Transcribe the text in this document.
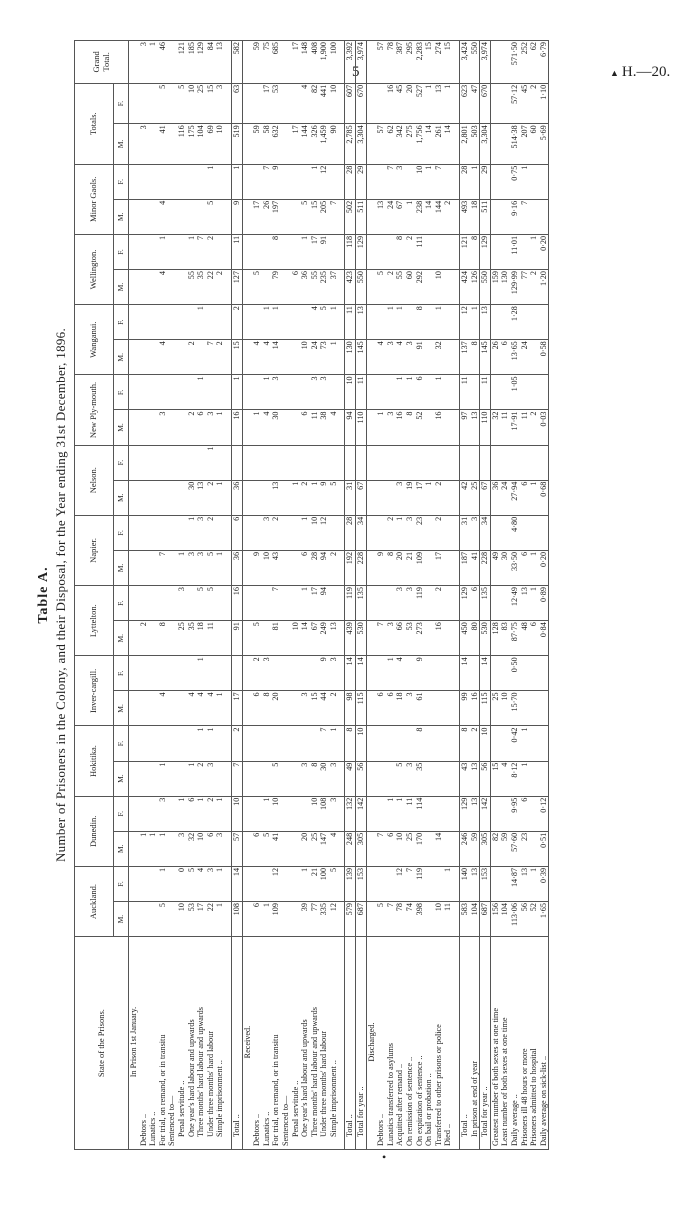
5	▲ H.—20.
•
Table A. Number of Prisoners in the Colony, and their Disposal, for the Year ending 31st December, 1896.
State of the Prisons.	Auckland.		Dunedin.		Hokitika.		Inver-cargill.		Lyttelton.		Napier.		Nelson.		New Ply-mouth.		Wanganui.		Wellington.		Minor Gaols.		Totals.		Grand Total.
	M.	F.	M.	F.	M.	F.	M.	F.	M.	F.	M.	F.	M.	F.	M.	F.	M.	F.	M.	F.	M.	F.	M.	F.	
In Prison 1st January.																									
Debtors ..			1						2														3		3
Lunatics ..			1																						1
For trial, on remand, or in transitu	5	1	1	3	1		4		8		7				3		4		4	1	4		41	5	46
Sentenced to—																									
Penal servitude ..	10	0	3	1					25	3	1												116	5	121
One year's hard labour and upwards	53	5	32	6	1		4		35		3	1	30		2		2		55	1			175	10	185
Three months' hard labour and upwards	17	4	10	1	2	1	4	1	18	5	3	3	13		6	1		1	35	7			104	25	129
Under three months' hard labour	22	3	6	2	3	1	4		11	5	5	2	2	1	3		7		22	2	5	1	69	15	84
Simple imprisonment ..	1	1	3	1			1				1		1		1		2		2				10	3	13

Total ..	108	14	57	10	7	2	17		91	16	36	6	36		16	1	15	2	127	11	9	1	519	63	582
Received.																									
Debtors ..	6		6				6	2	5		9				1		4		5		17		59		59
Lunatics ..	1		5	1			8	3			10	3			4	1	4	1			26	7	58	17	75
For trial, on remand, or in transitu	109	12	41	10	5		20		81	7	43	2	13		30	3	14	1	79	8	197	9	632	53	685
Sentenced to—																									
Penal servitude ..									10				1						6				17		17
One year's hard labour and upwards	39	1	20		3		3		14	1	6	1	2		6		10		36	1	5		144	4	148
Three months' hard labour and upwards	77	21	25	10	8		15		67	17	28	10	1		11	3	24	4	55	17	15	1	326	82	408
Under three months' hard labour	335	100	147	108	30	7	44	9	249	94	94	12	9		38	3	73	5	235	91	205	12	1,459	441	1,900
Simple imprisonment ..	12	5	4	3	3	1	2	3	13		2		5		4		1	1	37		7		90	10	100

Total ..	579	139	248	132	49	8	98	14	439	119	192	28	31		94	10	130	11	423	118	502	28	2,785	607	3,392
Total for year ..	687	153	305	142	56	10	115	14	530	135	228	34	67		110	11	145	13	550	129	511	29	3,304	670	3,974
Discharged.																									
Debtors ..	5		7				6		7		9				1		4		5		13		57		57
Lunatics transferred to asylums	7		6	1			6	1	3		8	2			3		3	1	2		24	7	62	16	78
Acquitted after remand ..	78	12	10	1	5		18	4	66	3	20	1	3		16	1	4	1	55	8	67	3	342	45	387
On remission of sentence ..	74	7	25	11	3		3		53	3	21	3	19		8	1	3		60	2	1		275	20	295
On expiration of sentence ..	398	119	170	114	35	8	61	9	273	119	109	23	17		52	6	91	8	292	111	238	10	1,756	527	2,283
On bail or probation ..													1								14	1	14	1	15
Transferred to other prisons or police	10		14						16	2	17	2	2		16	1	32	1	10		144	7	261	13	274
Died ..	11	1																			2		14	1	15

Total ..	583	140	246	129	43	8	99	14	450	129	187	31	42		97	11	137	12	424	121	493	28	2,801	623	3,424
In prison at end of year	104	13	59	13	13	2	16		80	6	41	3	25		13		8	1	126	8	18	1	503	47	550
Total for year ..	687	153	305	142	56	10	115	14	530	135	228	34	67		110	11	145	13	550	129	511	29	3,304	670	3,974
Greatest number of both sexes at one time	156		82		15		25		128		49		36		32		26		159						
Least number of both sexes at one time	104		59		4		10		83		30		24		11		6		130						
Daily average ..	113·06	14·87	57·60	9·95	8·12	0·42	15·70	0·50	87·75	12·49	33·50	4·80	27·94		17·91	1·05	13·65	1·28	129·99	11·01	9·16	0·75	514·38	57·12	571·50
Prisoners ill 48 hours or more	56	13	23	6	1	1			48	13	6		6		11		24		77		7	1	207	45	252
Prisoners admitted to hospital	52	1							6	1	1		1		2				2	1			60	2	62
Daily average on sick-list ..	1·65	0·39	0·51	0·12					0·84	0·89	0·20		0·68		0·03		0·58		1·20	0·20			5·69	1·10	6·79
